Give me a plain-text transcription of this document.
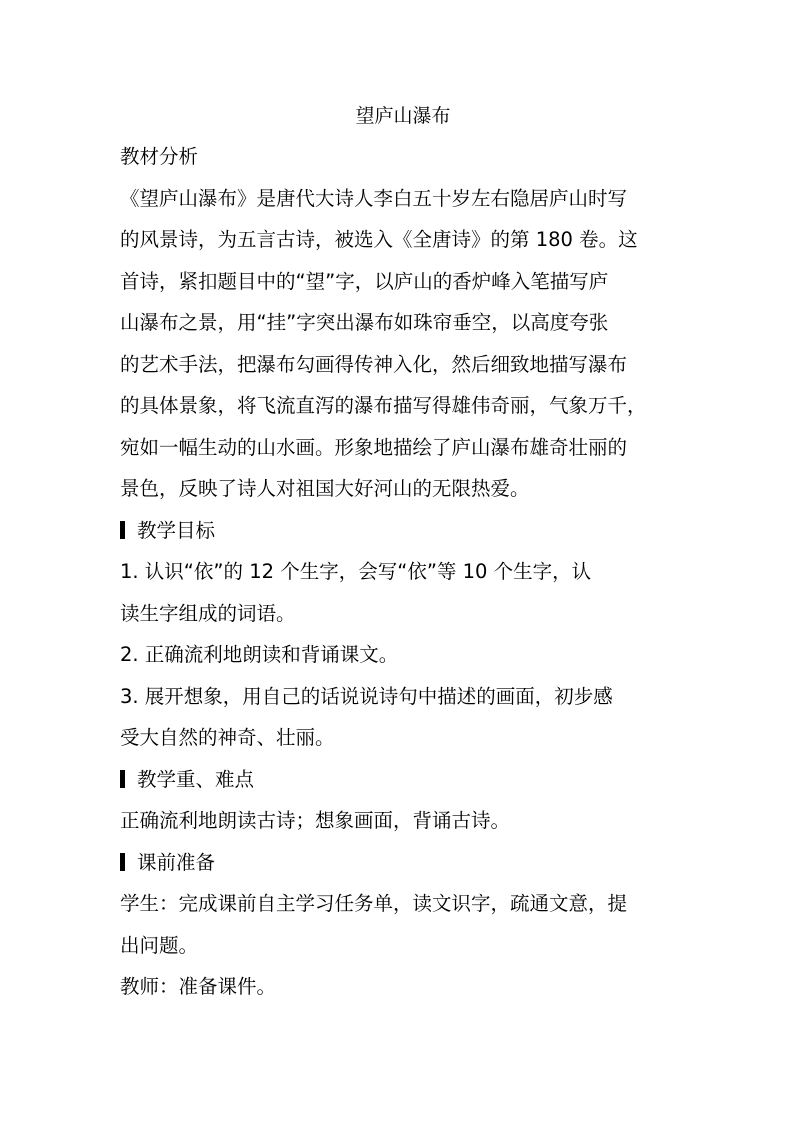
望庐山瀑布

教材分析

《望庐山瀑布》是唐代大诗人李白五十岁左右隐居庐山时写

的风景诗，为五言古诗，被选入《全唐诗》的第 180 卷。这

首诗，紧扣题目中的“望”字，以庐山的香炉峰入笔描写庐

山瀑布之景，用“挂”字突出瀑布如珠帘垂空，以高度夸张

的艺术手法，把瀑布勾画得传神入化，然后细致地描写瀑布

的具体景象，将飞流直泻的瀑布描写得雄伟奇丽，气象万千，

宛如一幅生动的山水画。形象地描绘了庐山瀑布雄奇壮丽的

景色，反映了诗人对祖国大好河山的无限热爱。

教学目标

1. 认识“依”的 12 个生字，会写“依”等 10 个生字，认

读生字组成的词语。

2. 正确流利地朗读和背诵课文。

3. 展开想象，用自己的话说说诗句中描述的画面，初步感

受大自然的神奇、壮丽。

教学重、难点

正确流利地朗读古诗；想象画面，背诵古诗。

课前准备

学生：完成课前自主学习任务单，读文识字，疏通文意，提

出问题。

教师：准备课件。
